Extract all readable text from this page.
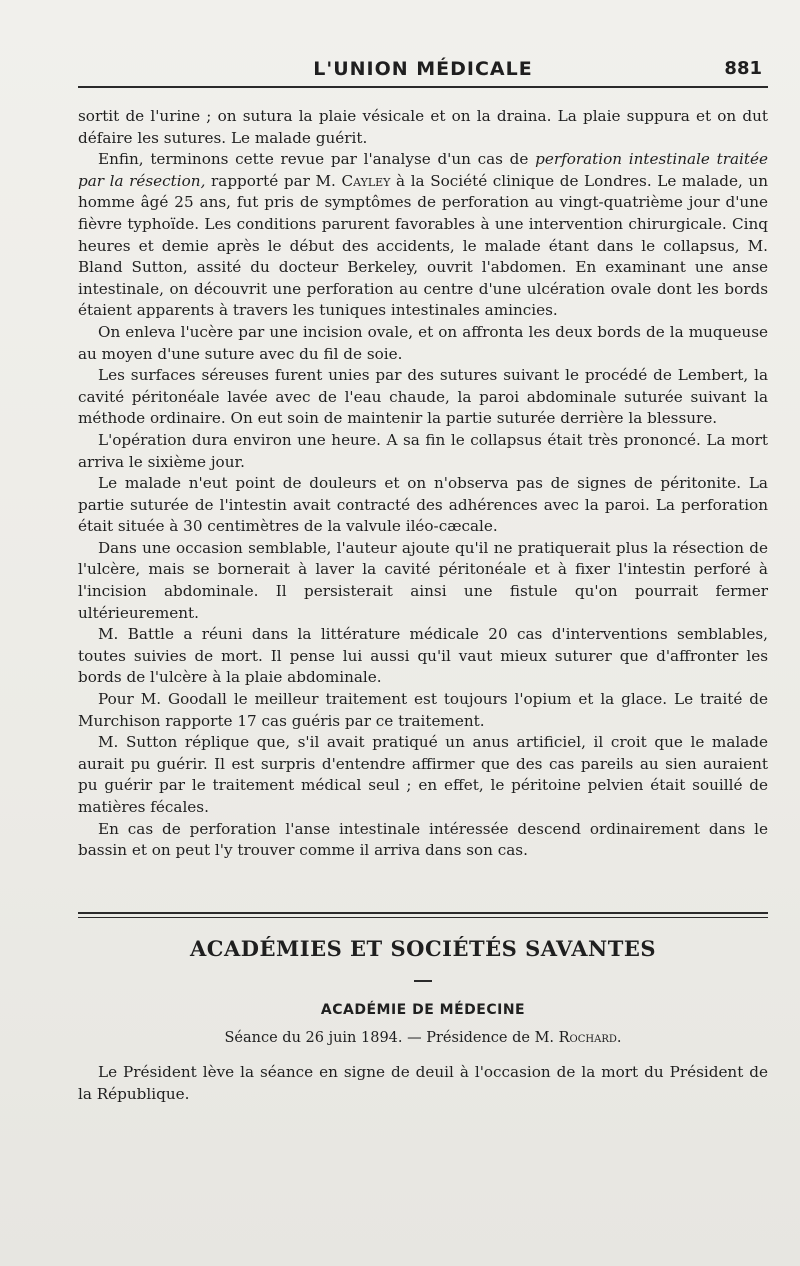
L'UNION MÉDICALE	881

sortit de l'urine ; on sutura la plaie vésicale et on la draina. La plaie suppura et on dut défaire les sutures. Le malade guérit.

Enfin, terminons cette revue par l'analyse d'un cas de perforation intestinale traitée par la résection, rapporté par M. Cayley à la Société clinique de Londres. Le malade, un homme âgé 25 ans, fut pris de symptômes de perforation au vingt-quatrième jour d'une fièvre typhoïde. Les conditions parurent favorables à une intervention chirurgicale. Cinq heures et demie après le début des accidents, le malade étant dans le collapsus, M. Bland Sutton, assité du docteur Berkeley, ouvrit l'abdomen. En examinant une anse intestinale, on découvrit une perforation au centre d'une ulcération ovale dont les bords étaient apparents à travers les tuniques intestinales amincies.

On enleva l'ucère par une incision ovale, et on affronta les deux bords de la muqueuse au moyen d'une suture avec du fil de soie.

Les surfaces séreuses furent unies par des sutures suivant le procédé de Lembert, la cavité péritonéale lavée avec de l'eau chaude, la paroi abdominale suturée suivant la méthode ordinaire. On eut soin de maintenir la partie suturée derrière la blessure.

L'opération dura environ une heure. A sa fin le collapsus était très prononcé. La mort arriva le sixième jour.

Le malade n'eut point de douleurs et on n'observa pas de signes de péritonite. La partie suturée de l'intestin avait contracté des adhérences avec la paroi. La perforation était située à 30 centimètres de la valvule iléo-cæcale.

Dans une occasion semblable, l'auteur ajoute qu'il ne pratiquerait plus la résection de l'ulcère, mais se bornerait à laver la cavité péritonéale et à fixer l'intestin perforé à l'incision abdominale. Il persisterait ainsi une fistule qu'on pourrait fermer ultérieurement.

M. Battle a réuni dans la littérature médicale 20 cas d'interventions semblables, toutes suivies de mort. Il pense lui aussi qu'il vaut mieux suturer que d'affronter les bords de l'ulcère à la plaie abdominale.

Pour M. Goodall le meilleur traitement est toujours l'opium et la glace. Le traité de Murchison rapporte 17 cas guéris par ce traitement.

M. Sutton réplique que, s'il avait pratiqué un anus artificiel, il croit que le malade aurait pu guérir. Il est surpris d'entendre affirmer que des cas pareils au sien auraient pu guérir par le traitement médical seul ; en effet, le péritoine pelvien était souillé de matières fécales.

En cas de perforation l'anse intestinale intéressée descend ordinairement dans le bassin et on peut l'y trouver comme il arriva dans son cas.

ACADÉMIES ET SOCIÉTÉS SAVANTES
ACADÉMIE DE MÉDECINE
Séance du 26 juin 1894. — Présidence de M. Rochard.

Le Président lève la séance en signe de deuil à l'occasion de la mort du Président de la République.
